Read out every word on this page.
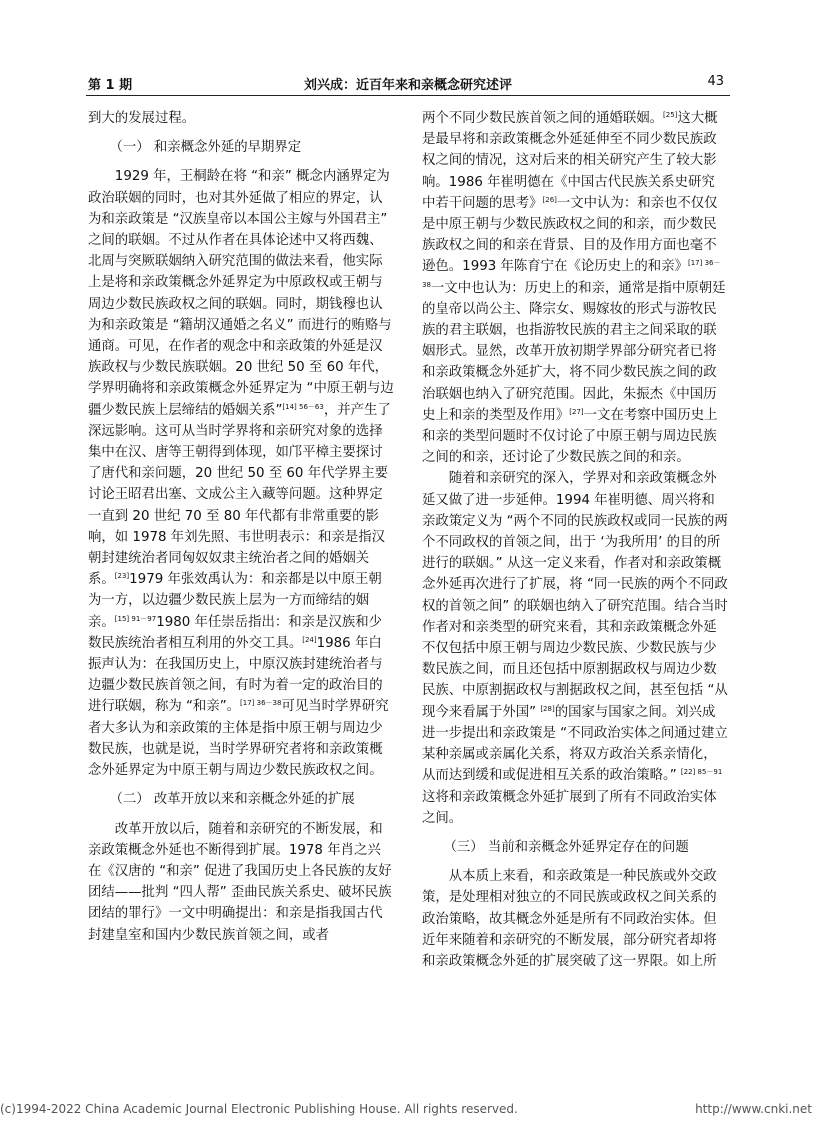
第 1 期	刘兴成：近百年来和亲概念研究述评	43

到大的发展过程。

（一） 和亲概念外延的早期界定

1929 年，王桐龄在将 “和亲” 概念内涵界定为政治联姻的同时，也对其外延做了相应的界定，认为和亲政策是 “汉族皇帝以本国公主嫁与外国君主” 之间的联姻。不过从作者在具体论述中又将西魏、北周与突厥联姻纳入研究范围的做法来看，他实际上是将和亲政策概念外延界定为中原政权或王朝与周边少数民族政权之间的联姻。同时，期钱穆也认为和亲政策是 “籍胡汉通婚之名义” 而进行的贿赂与通商。可见，在作者的观念中和亲政策的外延是汉族政权与少数民族联姻。20 世纪 50 至 60 年代，学界明确将和亲政策概念外延界定为 “中原王朝与边疆少数民族上层缔结的婚姻关系”$^{[14] 56-63}$，并产生了深远影响。这可从当时学界将和亲研究对象的选择集中在汉、唐等王朝得到体现，如邝平樟主要探讨了唐代和亲问题，20 世纪 50 至 60 年代学界主要讨论王昭君出塞、文成公主入藏等问题。这种界定一直到 20 世纪 70 至 80 年代都有非常重要的影响，如 1978 年刘先照、韦世明表示：和亲是指汉朝封建统治者同匈奴奴隶主统治者之间的婚姻关系。[23]1979 年张效禹认为：和亲都是以中原王朝为一方，以边疆少数民族上层为一方而缔结的姻亲。$^{[15] 91-97}$1980 年任崇岳指出：和亲是汉族和少数民族统治者相互利用的外交工具。[24]1986 年白振声认为：在我国历史上，中原汉族封建统治者与边疆少数民族首领之间，有时为着一定的政治目的进行联姻，称为 “和亲”。$^{[17] 36-38}$可见当时学界研究者大多认为和亲政策的主体是指中原王朝与周边少数民族，也就是说，当时学界研究者将和亲政策概念外延界定为中原王朝与周边少数民族政权之间。

（二） 改革开放以来和亲概念外延的扩展

改革开放以后，随着和亲研究的不断发展，和亲政策概念外延也不断得到扩展。1978 年肖之兴在《汉唐的 “和亲” 促进了我国历史上各民族的友好团结——批判 “四人帮” 歪曲民族关系史、破坏民族团结的罪行》一文中明确提出：和亲是指我国古代封建皇室和国内少数民族首领之间，或者

两个不同少数民族首领之间的通婚联姻。[25]这大概是最早将和亲政策概念外延延伸至不同少数民族政权之间的情况，这对后来的相关研究产生了较大影响。1986 年崔明德在《中国古代民族关系史研究中若干问题的思考》[26]一文中认为：和亲也不仅仅是中原王朝与少数民族政权之间的和亲，而少数民族政权之间的和亲在背景、目的及作用方面也毫不逊色。1993 年陈育宁在《论历史上的和亲》$^{[17] 36-38}$一文中也认为：历史上的和亲，通常是指中原朝廷的皇帝以尚公主、降宗女、赐嫁妆的形式与游牧民族的君主联姻，也指游牧民族的君主之间采取的联姻形式。显然，改革开放初期学界部分研究者已将和亲政策概念外延扩大，将不同少数民族之间的政治联姻也纳入了研究范围。因此，朱振杰《中国历史上和亲的类型及作用》[27]一文在考察中国历史上和亲的类型问题时不仅讨论了中原王朝与周边民族之间的和亲，还讨论了少数民族之间的和亲。

随着和亲研究的深入，学界对和亲政策概念外延又做了进一步延伸。1994 年崔明德、周兴将和亲政策定义为 “两个不同的民族政权或同一民族的两个不同政权的首领之间，出于 ‘为我所用’ 的目的所进行的联姻。” 从这一定义来看，作者对和亲政策概念外延再次进行了扩展，将 “同一民族的两个不同政权的首领之间” 的联姻也纳入了研究范围。结合当时作者对和亲类型的研究来看，其和亲政策概念外延不仅包括中原王朝与周边少数民族、少数民族与少数民族之间，而且还包括中原割据政权与周边少数民族、中原割据政权与割据政权之间，甚至包括 “从现今来看属于外国” [28]的国家与国家之间。刘兴成进一步提出和亲政策是 “不同政治实体之间通过建立某种亲属或亲属化关系，将双方政治关系亲情化，从而达到缓和或促进相互关系的政治策略。” $^{[22] 85-91}$这将和亲政策概念外延扩展到了所有不同政治实体之间。

（三） 当前和亲概念外延界定存在的问题

从本质上来看，和亲政策是一种民族或外交政策，是处理相对独立的不同民族或政权之间关系的政治策略，故其概念外延是所有不同政治实体。但近年来随着和亲研究的不断发展，部分研究者却将和亲政策概念外延的扩展突破了这一界限。如上所

(c)1994-2022 China Academic Journal Electronic Publishing House. All rights reserved.	http://www.cnki.net
